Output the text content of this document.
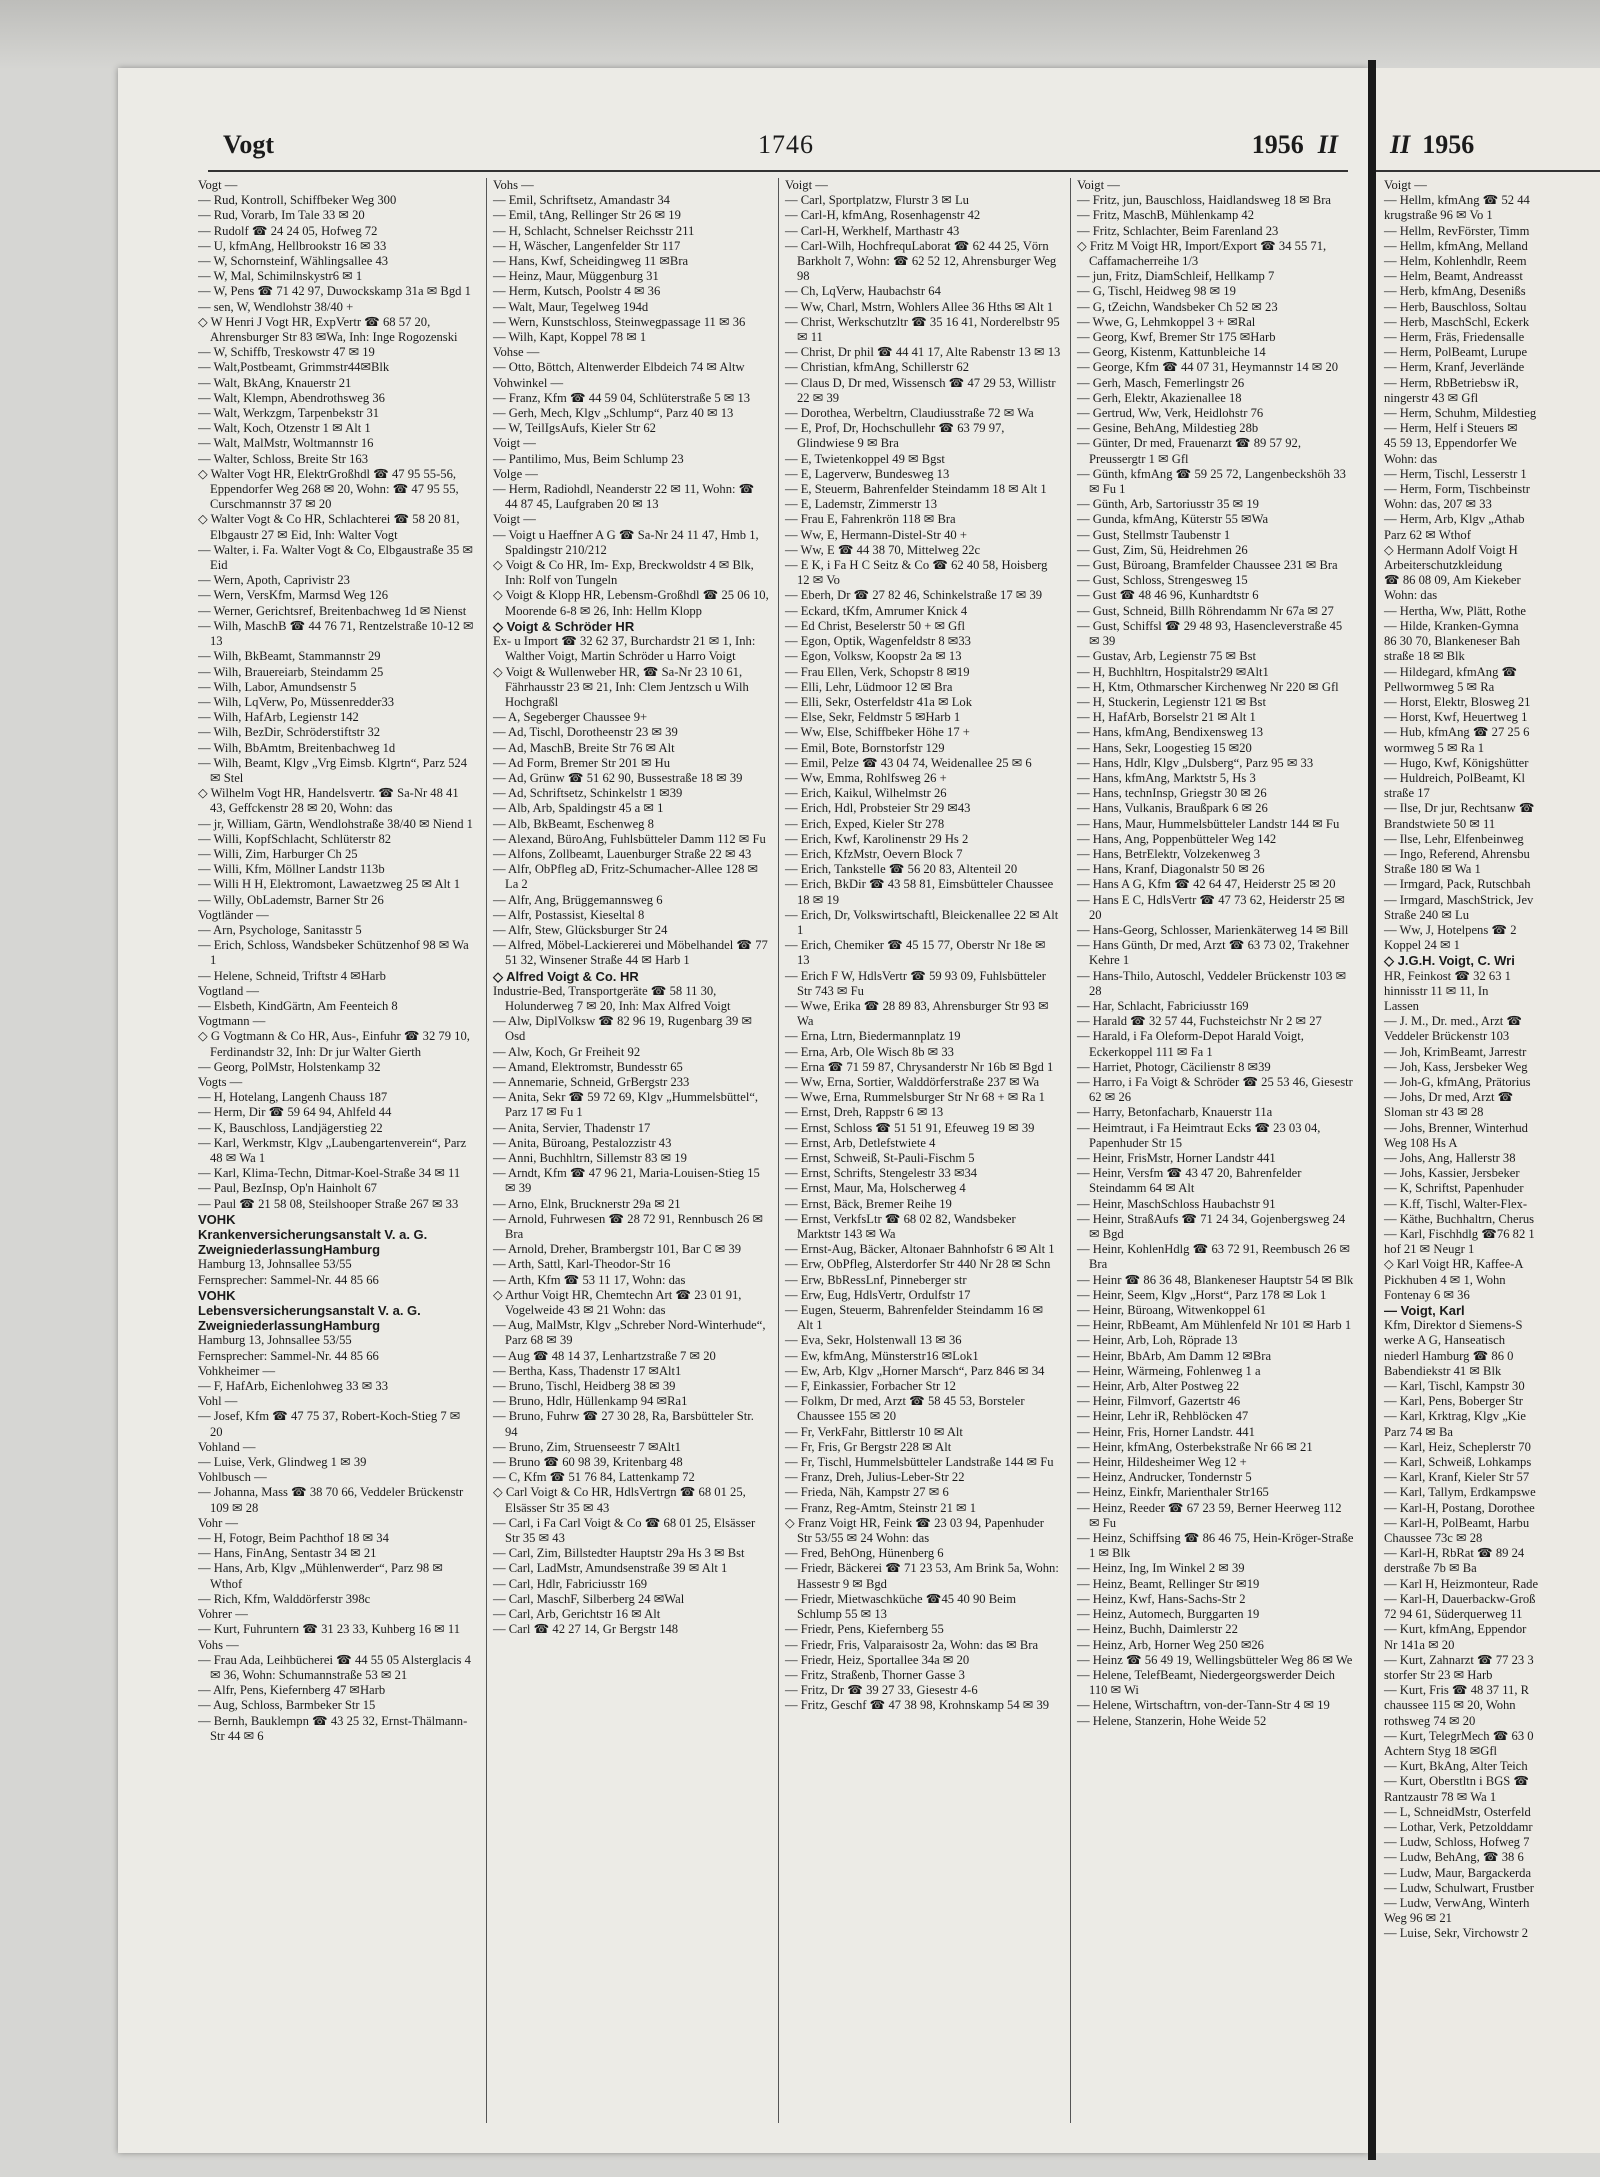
Vogt	1746	1956 II

Vogt —

— Rud, Kontroll, Schiffbeker Weg 300

— Rud, Vorarb, Im Tale 33 ✉ 20

— Rudolf ☎ 24 24 05, Hofweg 72

— U, kfmAng, Hellbrookstr 16 ✉ 33

— W, Schornsteinf, Wählingsallee 43

— W, Mal, Schimilnskystr6 ✉ 1

— W, Pens ☎ 71 42 97, Duwockskamp 31a ✉ Bgd 1

— sen, W, Wendlohstr 38/40 +

◇ W Henri J Vogt HR, ExpVertr ☎ 68 57 20, Ahrensburger Str 83 ✉Wa, Inh: Inge Rogozenski

— W, Schiffb, Treskowstr 47 ✉ 19

— Walt,Postbeamt, Grimmstr44✉Blk

— Walt, BkAng, Knauerstr 21

— Walt, Klempn, Abendrothsweg 36

— Walt, Werkzgm, Tarpenbekstr 31

— Walt, Koch, Otzenstr 1 ✉ Alt 1

— Walt, MalMstr, Woltmannstr 16

— Walter, Schloss, Breite Str 163

◇ Walter Vogt HR, ElektrGroßhdl ☎ 47 95 55-56, Eppendorfer Weg 268 ✉ 20, Wohn: ☎ 47 95 55, Curschmannstr 37 ✉ 20

◇ Walter Vogt & Co HR, Schlachterei ☎ 58 20 81, Elbgaustr 27 ✉ Eid, Inh: Walter Vogt

— Walter, i. Fa. Walter Vogt & Co, Elbgaustraße 35 ✉ Eid

— Wern, Apoth, Caprivistr 23

— Wern, VersKfm, Marmsd Weg 126

— Werner, Gerichtsref, Breitenbachweg 1d ✉ Nienst

— Wilh, MaschB ☎ 44 76 71, Rentzelstraße 10-12 ✉ 13

— Wilh, BkBeamt, Stammannstr 29

— Wilh, Brauereiarb, Steindamm 25

— Wilh, Labor, Amundsenstr 5

— Wilh, LqVerw, Po, Müssenredder33

— Wilh, HafArb, Legienstr 142

— Wilh, BezDir, Schröderstiftstr 32

— Wilh, BbAmtm, Breitenbachweg 1d

— Wilh, Beamt, Klgv „Vrg Eimsb. Klgrtn“, Parz 524 ✉ Stel

◇ Wilhelm Vogt HR, Handelsvertr. ☎ Sa-Nr 48 41 43, Geffckenstr 28 ✉ 20, Wohn: das

— jr, William, Gärtn, Wendlohstraße 38/40 ✉ Niend 1

— Willi, KopfSchlacht, Schlüterstr 82

— Willi, Zim, Harburger Ch 25

— Willi, Kfm, Möllner Landstr 113b

— Willi H H, Elektromont, Lawaetzweg 25 ✉ Alt 1

— Willy, ObLademstr, Barner Str 26

Vogtländer —

— Arn, Psychologe, Sanitasstr 5

— Erich, Schloss, Wandsbeker Schützenhof 98 ✉ Wa 1

— Helene, Schneid, Triftstr 4 ✉Harb

Vogtland —

— Elsbeth, KindGärtn, Am Feenteich 8

Vogtmann —

◇ G Vogtmann & Co HR, Aus-, Einfuhr ☎ 32 79 10, Ferdinandstr 32, Inh: Dr jur Walter Gierth

— Georg, PolMstr, Holstenkamp 32

Vogts —

— H, Hotelang, Langenh Chauss 187

— Herm, Dir ☎ 59 64 94, Ahlfeld 44

— K, Bauschloss, Landjägerstieg 22

— Karl, Werkmstr, Klgv „Laubengartenverein“, Parz 48 ✉ Wa 1

— Karl, Klima-Techn, Ditmar-Koel-Straße 34 ✉ 11

— Paul, BezInsp, Op'n Hainholt 67

— Paul ☎ 21 58 08, Steilshooper Straße 267 ✉ 33

VOHK

Krankenversicherungsanstalt V. a. G.

ZweigniederlassungHamburg

Hamburg 13, Johnsallee 53/55

Fernsprecher: Sammel-Nr. 44 85 66

VOHK

Lebensversicherungsanstalt V. a. G.

ZweigniederlassungHamburg

Hamburg 13, Johnsallee 53/55

Fernsprecher: Sammel-Nr. 44 85 66

Vohkheimer —

— F, HafArb, Eichenlohweg 33 ✉ 33

Vohl —

— Josef, Kfm ☎ 47 75 37, Robert-Koch-Stieg 7 ✉ 20

Vohland —

— Luise, Verk, Glindweg 1 ✉ 39

Vohlbusch —

— Johanna, Mass ☎ 38 70 66, Veddeler Brückenstr 109 ✉ 28

Vohr —

— H, Fotogr, Beim Pachthof 18 ✉ 34

— Hans, FinAng, Sentastr 34 ✉ 21

— Hans, Arb, Klgv „Mühlenwerder“, Parz 98 ✉ Wthof

— Rich, Kfm, Walddörferstr 398c

Vohrer —

— Kurt, Fuhruntern ☎ 31 23 33, Kuhberg 16 ✉ 11

Vohs —

— Frau Ada, Leihbücherei ☎ 44 55 05 Alsterglacis 4 ✉ 36, Wohn: Schumannstraße 53 ✉ 21

— Alfr, Pens, Kiefernberg 47 ✉Harb

— Aug, Schloss, Barmbeker Str 15

— Bernh, Bauklempn ☎ 43 25 32, Ernst-Thälmann-Str 44 ✉ 6

Vohs —

— Emil, Schriftsetz, Amandastr 34

— Emil, tAng, Rellinger Str 26 ✉ 19

— H, Schlacht, Schnelser Reichsstr 211

— H, Wäscher, Langenfelder Str 117

— Hans, Kwf, Scheidingweg 11 ✉Bra

— Heinz, Maur, Müggenburg 31

— Herm, Kutsch, Poolstr 4 ✉ 36

— Walt, Maur, Tegelweg 194d

— Wern, Kunstschloss, Steinwegpassage 11 ✉ 36

— Wilh, Kapt, Koppel 78 ✉ 1

Vohse —

— Otto, Böttch, Altenwerder Elbdeich 74 ✉ Altw

Vohwinkel —

— Franz, Kfm ☎ 44 59 04, Schlüterstraße 5 ✉ 13

— Gerh, Mech, Klgv „Schlump“, Parz 40 ✉ 13

— W, TeilIgsAufs, Kieler Str 62

Voigt —

— Pantilimo, Mus, Beim Schlump 23

Volge —

— Herm, Radiohdl, Neanderstr 22 ✉ 11, Wohn: ☎ 44 87 45, Laufgraben 20 ✉ 13

Voigt —

— Voigt u Haeffner A G ☎ Sa-Nr 24 11 47, Hmb 1, Spaldingstr 210/212

◇ Voigt & Co HR, Im- Exp, Breckwoldstr 4 ✉ Blk, Inh: Rolf von Tungeln

◇ Voigt & Klopp HR, Lebensm-Großhdl ☎ 25 06 10, Moorende 6-8 ✉ 26, Inh: Hellm Klopp

◇ Voigt & Schröder HR

Ex- u Import ☎ 32 62 37, Burchardstr 21 ✉ 1, Inh: Walther Voigt, Martin Schröder u Harro Voigt

◇ Voigt & Wullenweber HR, ☎ Sa-Nr 23 10 61, Fährhausstr 23 ✉ 21, Inh: Clem Jentzsch u Wilh Hochgraßl

— A, Segeberger Chaussee 9+

— Ad, Tischl, Dorotheenstr 23 ✉ 39

— Ad, MaschB, Breite Str 76 ✉ Alt

— Ad Form, Bremer Str 201 ✉ Hu

— Ad, Grünw ☎ 51 62 90, Bussestraße 18 ✉ 39

— Ad, Schriftsetz, Schinkelstr 1 ✉39

— Alb, Arb, Spaldingstr 45 a ✉ 1

— Alb, BkBeamt, Eschenweg 8

— Alexand, BüroAng, Fuhlsbütteler Damm 112 ✉ Fu

— Alfons, Zollbeamt, Lauenburger Straße 22 ✉ 43

— Alfr, ObPfleg aD, Fritz-Schumacher-Allee 128 ✉ La 2

— Alfr, Ang, Brüggemannsweg 6

— Alfr, Postassist, Kieseltal 8

— Alfr, Stew, Glücksburger Str 24

— Alfred, Möbel-Lackiererei und Möbelhandel ☎ 77 51 32, Winsener Straße 44 ✉ Harb 1

◇ Alfred Voigt & Co. HR

Industrie-Bed, Transportgeräte ☎ 58 11 30, Holunderweg 7 ✉ 20, Inh: Max Alfred Voigt

— Alw, DiplVolksw ☎ 82 96 19, Rugenbarg 39 ✉ Osd

— Alw, Koch, Gr Freiheit 92

— Amand, Elektromstr, Bundesstr 65

— Annemarie, Schneid, GrBergstr 233

— Anita, Sekr ☎ 59 72 69, Klgv „Hummelsbüttel“, Parz 17 ✉ Fu 1

— Anita, Servier, Thadenstr 17

— Anita, Büroang, Pestalozzistr 43

— Anni, Buchhltrn, Sillemstr 83 ✉ 19

— Arndt, Kfm ☎ 47 96 21, Maria-Louisen-Stieg 15 ✉ 39

— Arno, Elnk, Brucknerstr 29a ✉ 21

— Arnold, Fuhrwesen ☎ 28 72 91, Rennbusch 26 ✉ Bra

— Arnold, Dreher, Brambergstr 101, Bar C ✉ 39

— Arth, Sattl, Karl-Theodor-Str 16

— Arth, Kfm ☎ 53 11 17, Wohn: das

◇ Arthur Voigt HR, Chemtechn Art ☎ 23 01 91, Vogelweide 43 ✉ 21 Wohn: das

— Aug, MalMstr, Klgv „Schreber Nord-Winterhude“, Parz 68 ✉ 39

— Aug ☎ 48 14 37, Lenhartzstraße 7 ✉ 20

— Bertha, Kass, Thadenstr 17 ✉Alt1

— Bruno, Tischl, Heidberg 38 ✉ 39

— Bruno, Hdlr, Hüllenkamp 94 ✉Ra1

— Bruno, Fuhrw ☎ 27 30 28, Ra, Barsbütteler Str. 94

— Bruno, Zim, Struenseestr 7 ✉Alt1

— Bruno ☎ 60 98 39, Kritenbarg 48

— C, Kfm ☎ 51 76 84, Lattenkamp 72

◇ Carl Voigt & Co HR, HdlsVertrgn ☎ 68 01 25, Elsässer Str 35 ✉ 43

— Carl, i Fa Carl Voigt & Co ☎ 68 01 25, Elsässer Str 35 ✉ 43

— Carl, Zim, Billstedter Hauptstr 29a Hs 3 ✉ Bst

— Carl, LadMstr, Amundsenstraße 39 ✉ Alt 1

— Carl, Hdlr, Fabriciusstr 169

— Carl, MaschF, Silberberg 24 ✉Wal

— Carl, Arb, Gerichtstr 16 ✉ Alt

— Carl ☎ 42 27 14, Gr Bergstr 148

Voigt —

— Carl, Sportplatzw, Flurstr 3 ✉ Lu

— Carl-H, kfmAng, Rosenhagenstr 42

— Carl-H, Werkhelf, Marthastr 43

— Carl-Wilh, HochfrequLaborat ☎ 62 44 25, Vörn Barkholt 7, Wohn: ☎ 62 52 12, Ahrensburger Weg 98

— Ch, LqVerw, Haubachstr 64

— Ww, Charl, Mstrn, Wohlers Allee 36 Hths ✉ Alt 1

— Christ, Werkschutzltr ☎ 35 16 41, Norderelbstr 95 ✉ 11

— Christ, Dr phil ☎ 44 41 17, Alte Rabenstr 13 ✉ 13

— Christian, kfmAng, Schillerstr 62

— Claus D, Dr med, Wissensch ☎ 47 29 53, Willistr 22 ✉ 39

— Dorothea, Werbeltrn, Claudiusstraße 72 ✉ Wa

— E, Prof, Dr, Hochschullehr ☎ 63 79 97, Glindwiese 9 ✉ Bra

— E, Twietenkoppel 49 ✉ Bgst

— E, Lagerverw, Bundesweg 13

— E, Steuerm, Bahrenfelder Steindamm 18 ✉ Alt 1

— E, Lademstr, Zimmerstr 13

— Frau E, Fahrenkrön 118 ✉ Bra

— Ww, E, Hermann-Distel-Str 40 +

— Ww, E ☎ 44 38 70, Mittelweg 22c

— E K, i Fa H C Seitz & Co ☎ 62 40 58, Hoisberg 12 ✉ Vo

— Eberh, Dr ☎ 27 82 46, Schinkelstraße 17 ✉ 39

— Eckard, tKfm, Amrumer Knick 4

— Ed Christ, Beselerstr 50 + ✉ Gfl

— Egon, Optik, Wagenfeldstr 8 ✉33

— Egon, Volksw, Koopstr 2a ✉ 13

— Frau Ellen, Verk, Schopstr 8 ✉19

— Elli, Lehr, Lüdmoor 12 ✉ Bra

— Elli, Sekr, Osterfeldstr 41a ✉ Lok

— Else, Sekr, Feldmstr 5 ✉Harb 1

— Ww, Else, Schiffbeker Höhe 17 +

— Emil, Bote, Bornstorfstr 129

— Emil, Pelze ☎ 43 04 74, Weidenallee 25 ✉ 6

— Ww, Emma, Rohlfsweg 26 +

— Erich, Kaikul, Wilhelmstr 26

— Erich, Hdl, Probsteier Str 29 ✉43

— Erich, Exped, Kieler Str 278

— Erich, Kwf, Karolinenstr 29 Hs 2

— Erich, KfzMstr, Oevern Block 7

— Erich, Tankstelle ☎ 56 20 83, Altenteil 20

— Erich, BkDir ☎ 43 58 81, Eimsbütteler Chaussee 18 ✉ 19

— Erich, Dr, Volkswirtschaftl, Bleickenallee 22 ✉ Alt 1

— Erich, Chemiker ☎ 45 15 77, Oberstr Nr 18e ✉ 13

— Erich F W, HdlsVertr ☎ 59 93 09, Fuhlsbütteler Str 743 ✉ Fu

— Wwe, Erika ☎ 28 89 83, Ahrensburger Str 93 ✉ Wa

— Erna, Ltrn, Biedermannplatz 19

— Erna, Arb, Ole Wisch 8b ✉ 33

— Erna ☎ 71 59 87, Chrysanderstr Nr 16b ✉ Bgd 1

— Ww, Erna, Sortier, Walddörferstraße 237 ✉ Wa

— Wwe, Erna, Rummelsburger Str Nr 68 + ✉ Ra 1

— Ernst, Dreh, Rappstr 6 ✉ 13

— Ernst, Schloss ☎ 51 51 91, Efeuweg 19 ✉ 39

— Ernst, Arb, Detlefstwiete 4

— Ernst, Schweiß, St-Pauli-Fischm 5

— Ernst, Schrifts, Stengelestr 33 ✉34

— Ernst, Maur, Ma, Holscherweg 4

— Ernst, Bäck, Bremer Reihe 19

— Ernst, VerkfsLtr ☎ 68 02 82, Wandsbeker Marktstr 143 ✉ Wa

— Ernst-Aug, Bäcker, Altonaer Bahnhofstr 6 ✉ Alt 1

— Erw, ObPfleg, Alsterdorfer Str 440 Nr 28 ✉ Schn

— Erw, BbRessLnf, Pinneberger str

— Erw, Eug, HdlsVertr, Ordulfstr 17

— Eugen, Steuerm, Bahrenfelder Steindamm 16 ✉ Alt 1

— Eva, Sekr, Holstenwall 13 ✉ 36

— Ew, kfmAng, Münsterstr16 ✉Lok1

— Ew, Arb, Klgv „Horner Marsch“, Parz 846 ✉ 34

— F, Einkassier, Forbacher Str 12

— Folkm, Dr med, Arzt ☎ 58 45 53, Borsteler Chaussee 155 ✉ 20

— Fr, VerkFahr, Bittlerstr 10 ✉ Alt

— Fr, Fris, Gr Bergstr 228 ✉ Alt

— Fr, Tischl, Hummelsbütteler Landstraße 144 ✉ Fu

— Franz, Dreh, Julius-Leber-Str 22

— Frieda, Näh, Kampstr 27 ✉ 6

— Franz, Reg-Amtm, Steinstr 21 ✉ 1

◇ Franz Voigt HR, Feink ☎ 23 03 94, Papenhuder Str 53/55 ✉ 24 Wohn: das

— Fred, BehOng, Hünenberg 6

— Friedr, Bäckerei ☎ 71 23 53, Am Brink 5a, Wohn: Hassestr 9 ✉ Bgd

— Friedr, Mietwaschküche ☎45 40 90 Beim Schlump 55 ✉ 13

— Friedr, Pens, Kiefernberg 55

— Friedr, Fris, Valparaisostr 2a, Wohn: das ✉ Bra

— Friedr, Heiz, Sportallee 34a ✉ 20

— Fritz, Straßenb, Thorner Gasse 3

— Fritz, Dr ☎ 39 27 33, Giesestr 4-6

— Fritz, Geschf ☎ 47 38 98, Krohnskamp 54 ✉ 39

Voigt —

— Fritz, jun, Bauschloss, Haidlandsweg 18 ✉ Bra

— Fritz, MaschB, Mühlenkamp 42

— Fritz, Schlachter, Beim Farenland 23

◇ Fritz M Voigt HR, Import/Export ☎ 34 55 71, Caffamacherreihe 1/3

— jun, Fritz, DiamSchleif, Hellkamp 7

— G, Tischl, Heidweg 98 ✉ 19

— G, tZeichn, Wandsbeker Ch 52 ✉ 23

— Wwe, G, Lehmkoppel 3 + ✉Ral

— Georg, Kwf, Bremer Str 175 ✉Harb

— Georg, Kistenm, Kattunbleiche 14

— George, Kfm ☎ 44 07 31, Heymannstr 14 ✉ 20

— Gerh, Masch, Femerlingstr 26

— Gerh, Elektr, Akazienallee 18

— Gertrud, Ww, Verk, Heidlohstr 76

— Gesine, BehAng, Mildestieg 28b

— Günter, Dr med, Frauenarzt ☎ 89 57 92, Preussergtr 1 ✉ Gfl

— Günth, kfmAng ☎ 59 25 72, Langenbeckshöh 33 ✉ Fu 1

— Günth, Arb, Sartoriusstr 35 ✉ 19

— Gunda, kfmAng, Küterstr 55 ✉Wa

— Gust, Stellmstr Taubenstr 1

— Gust, Zim, Sü, Heidrehmen 26

— Gust, Büroang, Bramfelder Chaussee 231 ✉ Bra

— Gust, Schloss, Strengesweg 15

— Gust ☎ 48 46 96, Kunhardtstr 6

— Gust, Schneid, Billh Röhrendamm Nr 67a ✉ 27

— Gust, Schiffsl ☎ 29 48 93, Hasencleverstraße 45 ✉ 39

— Gustav, Arb, Legienstr 75 ✉ Bst

— H, Buchhltrn, Hospitalstr29 ✉Alt1

— H, Ktm, Othmarscher Kirchenweg Nr 220 ✉ Gfl

— H, Stuckerin, Legienstr 121 ✉ Bst

— H, HafArb, Borselstr 21 ✉ Alt 1

— Hans, kfmAng, Bendixensweg 13

— Hans, Sekr, Loogestieg 15 ✉20

— Hans, Hdlr, Klgv „Dulsberg“, Parz 95 ✉ 33

— Hans, kfmAng, Marktstr 5, Hs 3

— Hans, technInsp, Griegstr 30 ✉ 26

— Hans, Vulkanis, Braußpark 6 ✉ 26

— Hans, Maur, Hummelsbütteler Landstr 144 ✉ Fu

— Hans, Ang, Poppenbütteler Weg 142

— Hans, BetrElektr, Volzekenweg 3

— Hans, Kranf, Diagonalstr 50 ✉ 26

— Hans A G, Kfm ☎ 42 64 47, Heiderstr 25 ✉ 20

— Hans E C, HdlsVertr ☎ 47 73 62, Heiderstr 25 ✉ 20

— Hans-Georg, Schlosser, Marienkäterweg 14 ✉ Bill

— Hans Günth, Dr med, Arzt ☎ 63 73 02, Trakehner Kehre 1

— Hans-Thilo, Autoschl, Veddeler Brückenstr 103 ✉ 28

— Har, Schlacht, Fabriciusstr 169

— Harald ☎ 32 57 44, Fuchsteichstr Nr 2 ✉ 27

— Harald, i Fa Oleform-Depot Harald Voigt, Eckerkoppel 111 ✉ Fa 1

— Harriet, Photogr, Cäcilienstr 8 ✉39

— Harro, i Fa Voigt & Schröder ☎ 25 53 46, Giesestr 62 ✉ 26

— Harry, Betonfacharb, Knauerstr 11a

— Heimtraut, i Fa Heimtraut Ecks ☎ 23 03 04, Papenhuder Str 15

— Heinr, FrisMstr, Horner Landstr 441

— Heinr, Versfm ☎ 43 47 20, Bahrenfelder Steindamm 64 ✉ Alt

— Heinr, MaschSchloss Haubachstr 91

— Heinr, StraßAufs ☎ 71 24 34, Gojenbergsweg 24 ✉ Bgd

— Heinr, KohlenHdlg ☎ 63 72 91, Reembusch 26 ✉ Bra

— Heinr ☎ 86 36 48, Blankeneser Hauptstr 54 ✉ Blk

— Heinr, Seem, Klgv „Horst“, Parz 178 ✉ Lok 1

— Heinr, Büroang, Witwenkoppel 61

— Heinr, RbBeamt, Am Mühlenfeld Nr 101 ✉ Harb 1

— Heinr, Arb, Loh, Röprade 13

— Heinr, BbArb, Am Damm 12 ✉Bra

— Heinr, Wärmeing, Fohlenweg 1 a

— Heinr, Arb, Alter Postweg 22

— Heinr, Filmvorf, Gazertstr 46

— Heinr, Lehr iR, Rehblöcken 47

— Heinr, Fris, Horner Landstr. 441

— Heinr, kfmAng, Osterbekstraße Nr 66 ✉ 21

— Heinr, Hildesheimer Weg 12 +

— Heinz, Andrucker, Tondernstr 5

— Heinz, Einkfr, Marienthaler Str165

— Heinz, Reeder ☎ 67 23 59, Berner Heerweg 112 ✉ Fu

— Heinz, Schiffsing ☎ 86 46 75, Hein-Kröger-Straße 1 ✉ Blk

— Heinz, Ing, Im Winkel 2 ✉ 39

— Heinz, Beamt, Rellinger Str ✉19

— Heinz, Kwf, Hans-Sachs-Str 2

— Heinz, Automech, Burggarten 19

— Heinz, Buchh, Daimlerstr 22

— Heinz, Arb, Horner Weg 250 ✉26

— Heinz ☎ 56 49 19, Wellingsbütteler Weg 86 ✉ We

— Helene, TelefBeamt, Niedergeorgswerder Deich 110 ✉ Wi

— Helene, Wirtschaftrn, von-der-Tann-Str 4 ✉ 19

— Helene, Stanzerin, Hohe Weide 52

II 1956

Voigt —

— Hellm, kfmAng ☎ 52 44

krugstraße 96 ✉ Vo 1

— Hellm, RevFörster, Timm

— Hellm, kfmAng, Melland

— Helm, Kohlenhdlr, Reem

— Helm, Beamt, Andreasst

— Herb, kfmAng, Desenißs

— Herb, Bauschloss, Soltau

— Herb, MaschSchl, Eckerk

— Herm, Fräs, Friedensalle

— Herm, PolBeamt, Lurupe

— Herm, Kranf, Jeverlände

— Herm, RbBetriebsw iR,

ningerstr 43 ✉ Gfl

— Herm, Schuhm, Mildestieg

— Herm, Helf i Steuers ✉

45 59 13, Eppendorfer We

Wohn: das

— Herm, Tischl, Lesserstr 1

— Herm, Form, Tischbeinstr

Wohn: das, 207 ✉ 33

— Herm, Arb, Klgv „Athab

Parz 62 ✉ Wthof

◇ Hermann Adolf Voigt H

Arbeiterschutzkleidung

☎ 86 08 09, Am Kiekeber

Wohn: das

— Hertha, Ww, Plätt, Rothe

— Hilde, Kranken-Gymna

86 30 70, Blankeneser Bah

straße 18 ✉ Blk

— Hildegard, kfmAng ☎

Pellwormweg 5 ✉ Ra

— Horst, Elektr, Blosweg 21

— Horst, Kwf, Heuertweg 1

— Hub, kfmAng ☎ 27 25 6

wormweg 5 ✉ Ra 1

— Hugo, Kwf, Königshütter

— Huldreich, PolBeamt, Kl

straße 17

— Ilse, Dr jur, Rechtsanw ☎

Brandstwiete 50 ✉ 11

— Ilse, Lehr, Elfenbeinweg

— Ingo, Referend, Ahrensbu

Straße 180 ✉ Wa 1

— Irmgard, Pack, Rutschbah

— Irmgard, MaschStrick, Jev

Straße 240 ✉ Lu

— Ww, J, Hotelpens ☎ 2

Koppel 24 ✉ 1

◇ J.G.H. Voigt, C. Wri

HR, Feinkost ☎ 32 63 1

hinnisstr 11 ✉ 11, In

Lassen

— J. M., Dr. med., Arzt ☎

Veddeler Brückenstr 103

— Joh, KrimBeamt, Jarrestr

— Joh, Kass, Jersbeker Weg

— Joh-G, kfmAng, Prätorius

— Johs, Dr med, Arzt ☎

Sloman str 43 ✉ 28

— Johs, Brenner, Winterhud

Weg 108 Hs A

— Johs, Ang, Hallerstr 38

— Johs, Kassier, Jersbeker

— K, Schriftst, Papenhuder

— K.ff, Tischl, Walter-Flex-

— Käthe, Buchhaltrn, Cherus

— Karl, Fischhdlg ☎76 82 1

hof 21 ✉ Neugr 1

◇ Karl Voigt HR, Kaffee-A

Pickhuben 4 ✉ 1, Wohn

Fontenay 6 ✉ 36

— Voigt, Karl

Kfm, Direktor d Siemens-S

werke A G, Hanseatisch

niederl Hamburg ☎ 86 0

Babendiekstr 41 ✉ Blk

— Karl, Tischl, Kampstr 30

— Karl, Pens, Boberger Str

— Karl, Krktrag, Klgv „Kie

Parz 74 ✉ Ba

— Karl, Heiz, Scheplerstr 70

— Karl, Schweiß, Lohkamps

— Karl, Kranf, Kieler Str 57

— Karl, Tallym, Erdkampswe

— Karl-H, Postang, Dorothee

— Karl-H, PolBeamt, Harbu

Chaussee 73c ✉ 28

— Karl-H, RbRat ☎ 89 24

derstraße 7b ✉ Ba

— Karl H, Heizmonteur, Rade

— Karl-H, Dauerbackw-Groß

72 94 61, Süderquerweg 11

— Kurt, kfmAng, Eppendor

Nr 141a ✉ 20

— Kurt, Zahnarzt ☎ 77 23 3

storfer Str 23 ✉ Harb

— Kurt, Fris ☎ 48 37 11, R

chaussee 115 ✉ 20, Wohn

rothsweg 74 ✉ 20

— Kurt, TelegrMech ☎ 63 0

Achtern Styg 18 ✉Gfl

— Kurt, BkAng, Alter Teich

— Kurt, Oberstltn i BGS ☎

Rantzaustr 78 ✉ Wa 1

— L, SchneidMstr, Osterfeld

— Lothar, Verk, Petzolddamr

— Ludw, Schloss, Hofweg 7

— Ludw, BehAng, ☎ 38 6

— Ludw, Maur, Bargackerda

— Ludw, Schulwart, Frustber

— Ludw, VerwAng, Winterh

Weg 96 ✉ 21

— Luise, Sekr, Virchowstr 2
